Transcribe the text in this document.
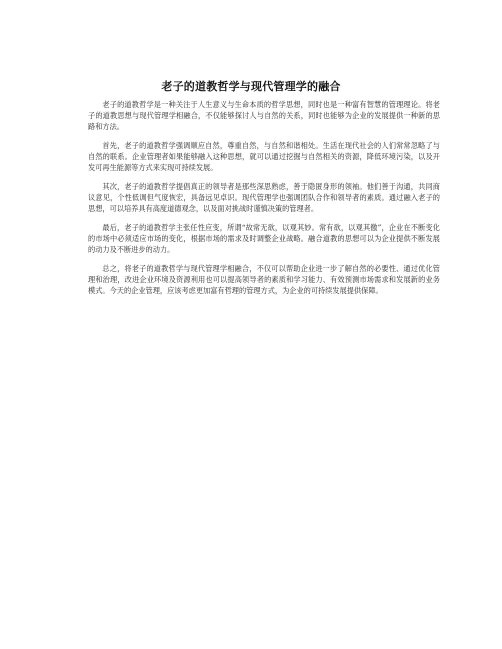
老子的道教哲学与现代管理学的融合

老子的道教哲学是一种关注于人生意义与生命本质的哲学思想，同时也是一种富有智慧的管理理论。将老子的道教思想与现代管理学相融合，不仅能够探讨人与自然的关系，同时也能够为企业的发展提供一种新的思路和方法。

首先，老子的道教哲学强调顺应自然，尊重自然，与自然和谐相处。生活在现代社会的人们常常忽略了与自然的联系。企业管理者如果能够融入这种思想，就可以通过挖掘与自然相关的资源，降低环境污染，以及开发可再生能源等方式来实现可持续发展。

其次，老子的道教哲学提倡真正的领导者是那些深思熟虑，善于隐匿身形的领袖。他们善于沟通，共同商议意见，个性低调但气度恢宏，具备远见卓识。现代管理学也强调团队合作和领导者的素质。通过融入老子的思想，可以培养具有高度道德观念，以及面对挑战时谨慎决策的管理者。

最后，老子的道教哲学主张任性应变，所谓“故常无欲，以观其妙。常有欲，以观其徼”，企业在不断变化的市场中必须适应市场的变化，根据市场的需求及时调整企业战略。融合道教的思想可以为企业提供不断发展的动力及不断进步的动力。

总之，将老子的道教哲学与现代管理学相融合，不仅可以帮助企业进一步了解自然的必要性、通过优化管理和治理，改进企业环境及资源利用也可以提高领导者的素质和学习能力、有效预测市场需求和发展新的业务模式。今天的企业管理，应该考虑更加富有哲理的管理方式，为企业的可持续发展提供保障。
